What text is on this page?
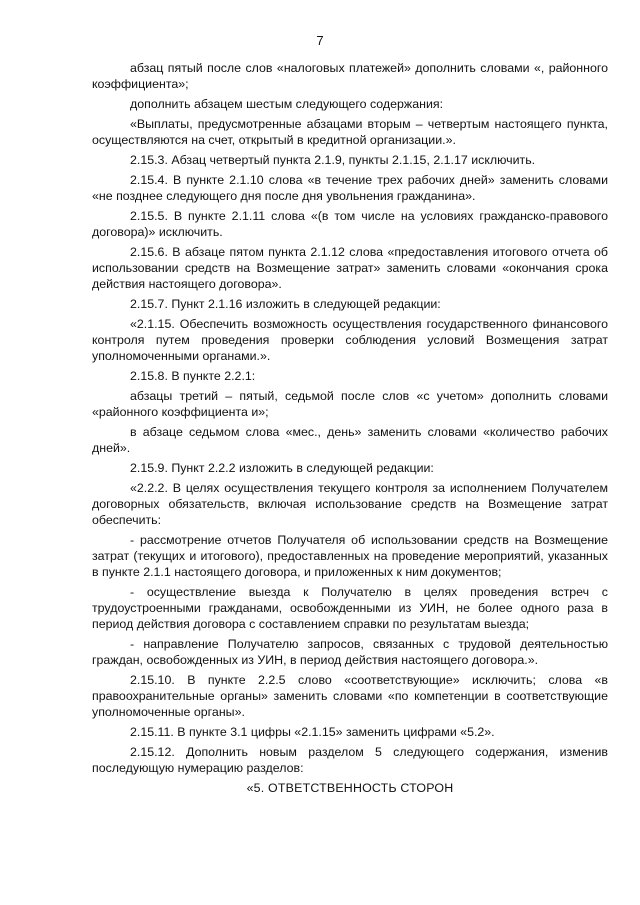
7

абзац пятый после слов «налоговых платежей» дополнить словами «, районного коэффициента»;

дополнить абзацем шестым следующего содержания:

«Выплаты, предусмотренные абзацами вторым – четвертым настоящего пункта, осуществляются на счет, открытый в кредитной организации.».

2.15.3. Абзац четвертый пункта 2.1.9, пункты 2.1.15, 2.1.17 исключить.

2.15.4. В пункте 2.1.10 слова «в течение трех рабочих дней» заменить словами «не позднее следующего дня после дня увольнения гражданина».

2.15.5. В пункте 2.1.11 слова «(в том числе на условиях гражданско-правового договора)» исключить.

2.15.6. В абзаце пятом пункта 2.1.12 слова «предоставления итогового отчета об использовании средств на Возмещение затрат» заменить словами «окончания срока действия настоящего договора».

2.15.7. Пункт 2.1.16 изложить в следующей редакции:

«2.1.15. Обеспечить возможность осуществления государственного финансового контроля путем проведения проверки соблюдения условий Возмещения затрат уполномоченными органами.».

2.15.8. В пункте 2.2.1:

абзацы третий – пятый, седьмой после слов «с учетом» дополнить словами «районного коэффициента и»;

в абзаце седьмом слова «мес., день» заменить словами «количество рабочих дней».

2.15.9. Пункт 2.2.2 изложить в следующей редакции:

«2.2.2. В целях осуществления текущего контроля за исполнением Получателем договорных обязательств, включая использование средств на Возмещение затрат обеспечить:

- рассмотрение отчетов Получателя об использовании средств на Возмещение затрат (текущих и итогового), предоставленных на проведение мероприятий, указанных в пункте 2.1.1 настоящего договора, и приложенных к ним документов;

- осуществление выезда к Получателю в целях проведения встреч с трудоустроенными гражданами, освобожденными из УИН, не более одного раза в период действия договора с составлением справки по результатам выезда;

- направление Получателю запросов, связанных с трудовой деятельностью граждан, освобожденных из УИН, в период действия настоящего договора.».

2.15.10. В пункте 2.2.5 слово «соответствующие» исключить; слова «в правоохранительные органы» заменить словами «по компетенции в соответствующие уполномоченные органы».

2.15.11. В пункте 3.1 цифры «2.1.15» заменить цифрами «5.2».

2.15.12. Дополнить новым разделом 5 следующего содержания, изменив последующую нумерацию разделов:

«5. ОТВЕТСТВЕННОСТЬ СТОРОН
